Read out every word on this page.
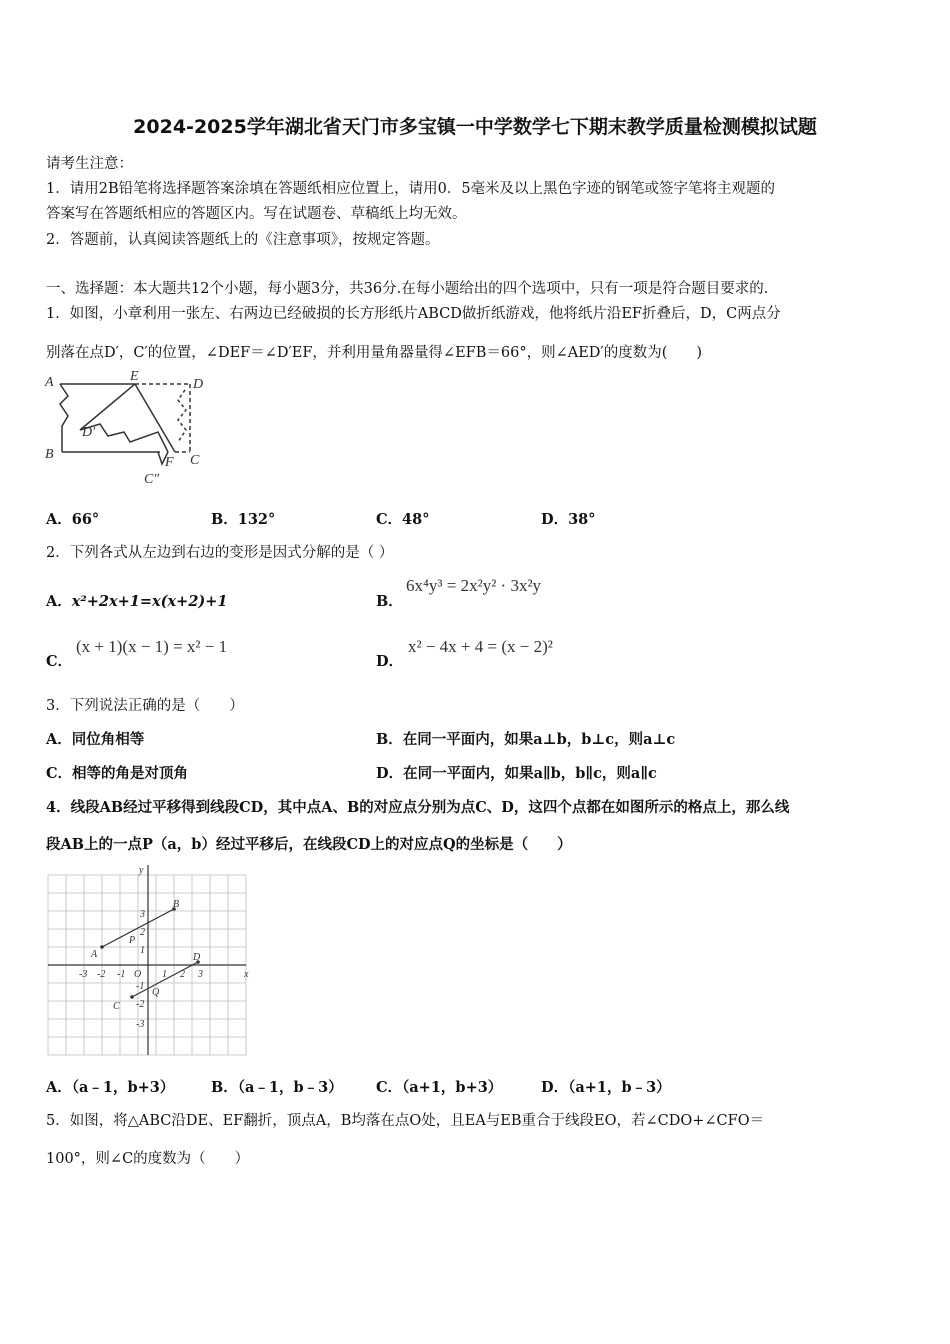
2024-2025学年湖北省天门市多宝镇一中学数学七下期末教学质量检测模拟试题
请考生注意：
1．请用2B铅笔将选择题答案涂填在答题纸相应位置上，请用0．5毫米及以上黑色字迹的钢笔或签字笔将主观题的
答案写在答题纸相应的答题区内。写在试题卷、草稿纸上均无效。
2．答题前，认真阅读答题纸上的《注意事项》，按规定答题。
一、选择题：本大题共12个小题，每小题3分，共36分.在每小题给出的四个选项中，只有一项是符合题目要求的.
1．如图，小章利用一张左、右两边已经破损的长方形纸片ABCD做折纸游戏，他将纸片沿EF折叠后，D，C两点分
别落在点D′，C′的位置，∠DEF＝∠D′EF，并利用量角器量得∠EFB＝66°，则∠AED′的度数为(　　)
A	E
D
D′
B
F C
C″
A．66°	B．132°	C．48°	D．38°
2．下列各式从左边到右边的变形是因式分解的是（ ）
A．x²+2x+1=x(x+2)+1	B．
6x⁴y³ = 2x²y² · 3x²y
C．
(x + 1)(x − 1) = x² − 1
D．
x² − 4x + 4 = (x − 2)²
3．下列说法正确的是（　　）
A．同位角相等	B．在同一平面内，如果a⊥b，b⊥c，则a⊥c
C．相等的角是对顶角	D．在同一平面内，如果a∥b，b∥c，则a∥c
4．线段AB经过平移得到线段CD，其中点A、B的对应点分别为点C、D，这四个点都在如图所示的格点上，那么线
段AB上的一点P（a，b）经过平移后，在线段CD上的对应点Q的坐标是（　　）
y
x
A
B
C
D
P
Q
O
-3 -2 -1	1 2 3
3
2
1
-1
-2
-3
A．（a﹣1，b+3）	B．（a﹣1，b﹣3） C．（a+1，b+3）	D．（a+1，b﹣3）
5．如图，将△ABC沿DE、EF翻折，顶点A，B均落在点O处，且EA与EB重合于线段EO，若∠CDO+∠CFO＝
100°，则∠C的度数为（　　）
